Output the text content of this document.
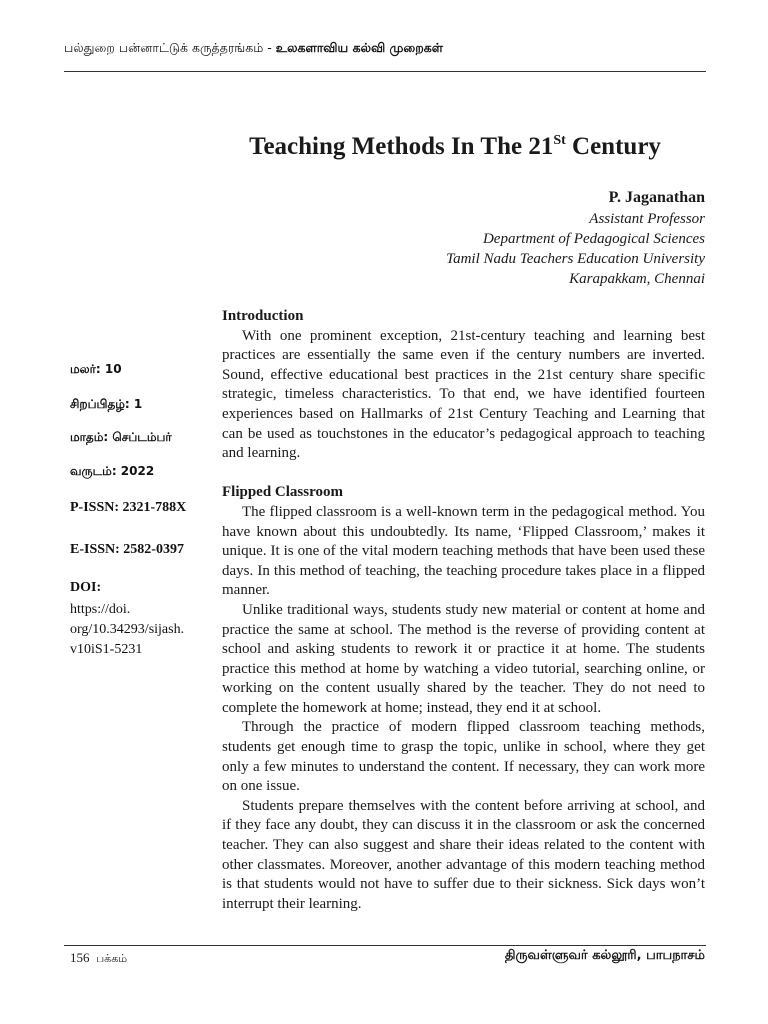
பல்துறை பன்னாட்டுக் கருத்தரங்கம் - உலகளாவிய கல்வி முறைகள்
Teaching Methods In The 21St Century
P. Jaganathan
Assistant Professor
Department of Pedagogical Sciences
Tamil Nadu Teachers Education University
Karapakkam, Chennai
மலர்: 10
சிறப்பிதழ்: 1
மாதம்: செப்டம்பர்
வருடம்: 2022
P-ISSN: 2321-788X
E-ISSN: 2582-0397
DOI:
https://doi.
org/10.34293/sijash.
v10iS1-5231
Introduction

With one prominent exception, 21st-century teaching and learning best practices are essentially the same even if the century numbers are inverted. Sound, effective educational best practices in the 21st century share specific strategic, timeless characteristics. To that end, we have identified fourteen experiences based on Hallmarks of 21st Century Teaching and Learning that can be used as touchstones in the educator’s pedagogical approach to teaching and learning.

Flipped Classroom

The flipped classroom is a well-known term in the pedagogical method. You have known about this undoubtedly. Its name, ‘Flipped Classroom,’ makes it unique. It is one of the vital modern teaching methods that have been used these days. In this method of teaching, the teaching procedure takes place in a flipped manner.

Unlike traditional ways, students study new material or content at home and practice the same at school. The method is the reverse of providing content at school and asking students to rework it or practice it at home. The students practice this method at home by watching a video tutorial, searching online, or working on the content usually shared by the teacher. They do not need to complete the homework at home; instead, they end it at school.

Through the practice of modern flipped classroom teaching methods, students get enough time to grasp the topic, unlike in school, where they get only a few minutes to understand the content. If necessary, they can work more on one issue.

Students prepare themselves with the content before arriving at school, and if they face any doubt, they can discuss it in the classroom or ask the concerned teacher. They can also suggest and share their ideas related to the content with other classmates. Moreover, another advantage of this modern teaching method is that students would not have to suffer due to their sickness. Sick days won’t interrupt their learning.

156 பக்கம்	திருவள்ளுவர் கல்லூரி, பாபநாசம்
